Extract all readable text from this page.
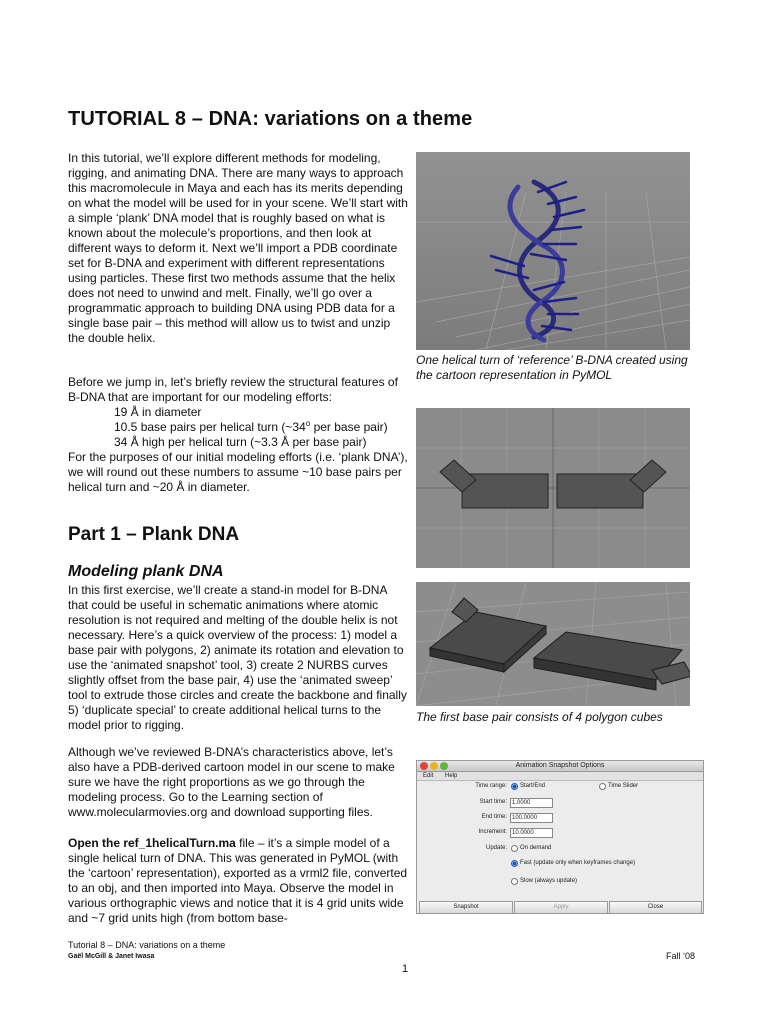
TUTORIAL 8 – DNA: variations on a theme

In this tutorial, we’ll explore different methods for modeling, rigging, and animating DNA. There are many ways to approach this macromolecule in Maya and each has its merits depending on what the model will be used for in your scene. We’ll start with a simple ‘plank’ DNA model that is roughly based on what is known about the molecule’s proportions, and then look at different ways to deform it. Next we’ll import a PDB coordinate set for B-DNA and experiment with different representations using particles. These first two methods assume that the helix does not need to unwind and melt. Finally, we’ll go over a programmatic approach to building DNA using PDB data for a single base pair – this method will allow us to twist and unzip the double helix.

Before we jump in, let’s briefly review the structural features of B-DNA that are important for our modeling efforts:

19 Å in diameter

10.5 base pairs per helical turn (~34$^o$ per base pair)

34 Å high per helical turn (~3.3 Å per base pair)

For the purposes of our initial modeling efforts (i.e. ‘plank DNA’), we will round out these numbers to assume ~10 base pairs per helical turn and ~20 Å in diameter.

Part 1 – Plank DNA
Modeling plank DNA

In this first exercise, we’ll create a stand-in model for B-DNA that could be useful in schematic animations where atomic resolution is not required and melting of the double helix is not necessary. Here’s a quick overview of the process: 1) model a base pair with polygons, 2) animate its rotation and elevation to use the ‘animated snapshot’ tool, 3) create 2 NURBS curves slightly offset from the base pair, 4) use the ‘animated sweep’ tool to extrude those circles and create the backbone and finally 5) ‘duplicate special’ to create additional helical turns to the model prior to rigging.

Although we’ve reviewed B-DNA’s characteristics above, let’s also have a PDB-derived cartoon model in our scene to make sure we have the right proportions as we go through the modeling process. Go to the Learning section of www.molecularmovies.org and download supporting files.

Open the ref_1helicalTurn.ma file – it’s a simple model of a single helical turn of DNA. This was generated in PyMOL (with the ‘cartoon’ representation), exported as a vrml2 file, converted to an obj, and then imported into Maya. Observe the model in various orthographic views and notice that it is 4 grid units wide and ~7 grid units high (from bottom base-

One helical turn of ‘reference’ B-DNA created using the cartoon representation in PyMOL

The first base pair consists of 4 polygon cubes

Animation Snapshot Options
Edit Help
Time range: Start/End	Time Slider
Start time: 1.0000
End time: 100.0000
Increment: 10.0000
Update: On demand
Fast (update only when keyframes change)
Slow (always update)
Snapshot	Apply	Close
Tutorial 8 – DNA: variations on a theme
Gaël McGill & Janet Iwasa	Fall ‘08
1
